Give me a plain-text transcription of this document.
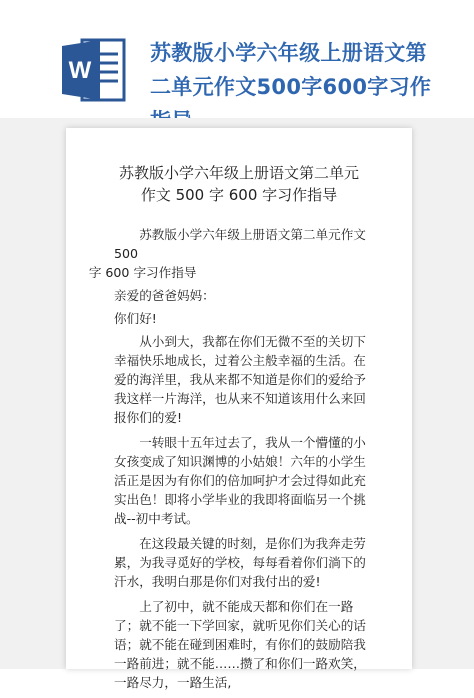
W
苏教版小学六年级上册语文第
二单元作文500字600字习作
苏教版小学六年级上册语文第二单元
作文 500 字 600 字习作指导
苏教版小学六年级上册语文第二单元作文 500
字 600 字习作指导

亲爱的爸爸妈妈：

你们好!

从小到大，我都在你们无微不至的关切下幸福快乐地成长，过着公主般幸福的生活。在爱的海洋里，我从来都不知道是你们的爱给予我这样一片海洋，也从来不知道该用什么来回报你们的爱!

一转眼十五年过去了，我从一个懵懂的小女孩变成了知识渊博的小姑娘！六年的小学生活正是因为有你们的倍加呵护才会过得如此充实出色！即将小学毕业的我即将面临另一个挑战--初中考试。

在这段最关键的时刻，是你们为我奔走劳累，为我寻觅好的学校，每每看着你们淌下的汗水，我明白那是你们对我付出的爱!

上了初中，就不能成天都和你们在一路了；就不能一下学回家，就听见你们关心的话语；就不能在碰到困难时，有你们的鼓励陪我一路前进；就不能……攒了和你们一路欢笑，一路尽力，一路生活,
